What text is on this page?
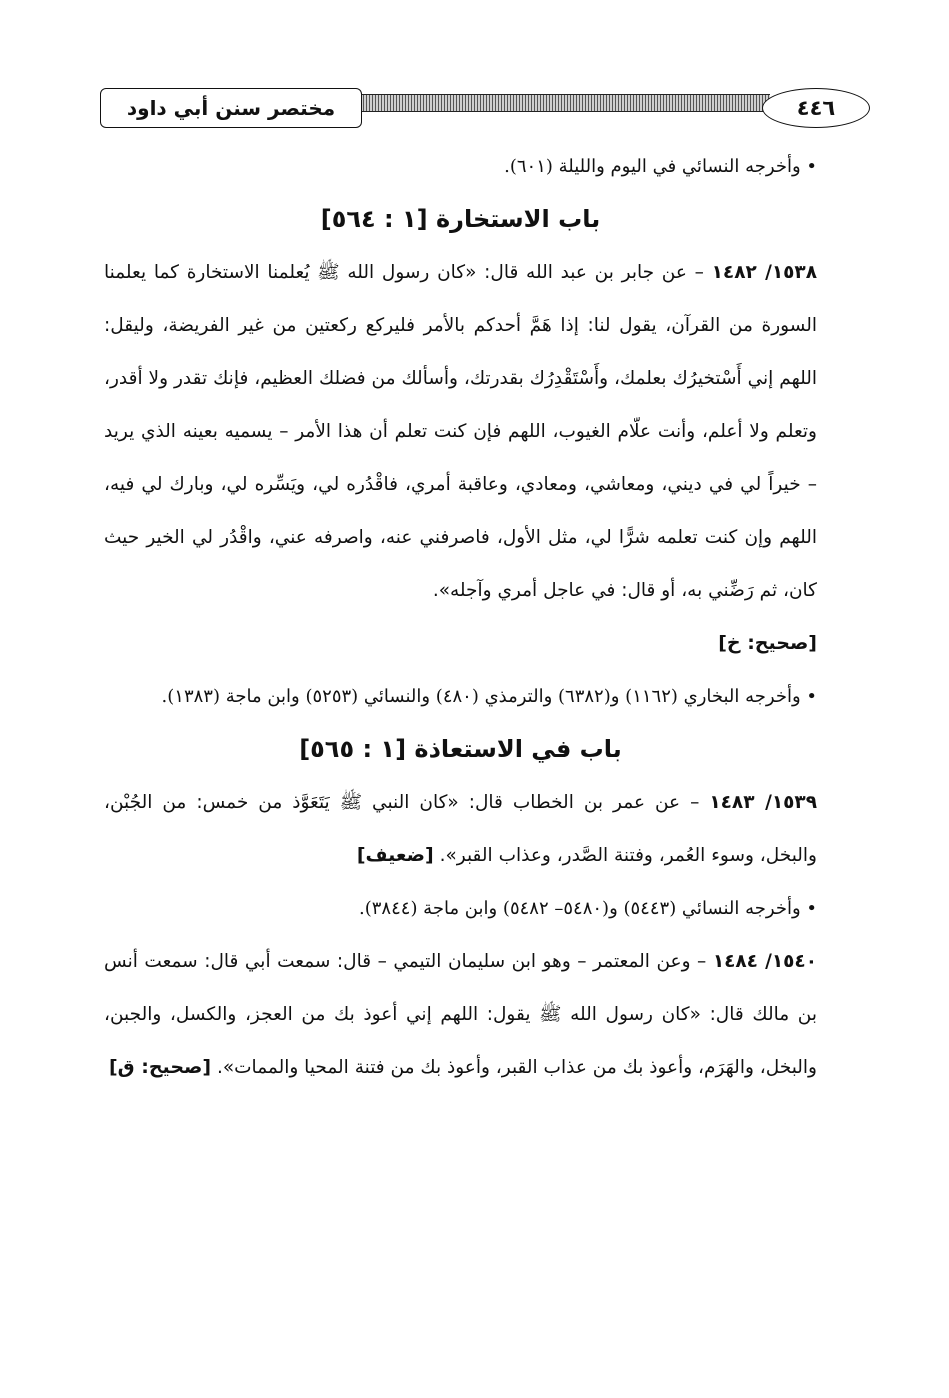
مختصر سنن أبي داود	٤٤٦

• وأخرجه النسائي في اليوم والليلة (٦٠١).

باب الاستخارة [١ : ٥٦٤]

١٥٣٨/ ١٤٨٢ – عن جابر بن عبد الله قال: «كان رسول الله ﷺ يُعلمنا الاستخارة كما يعلمنا السورة من القرآن، يقول لنا: إذا هَمَّ أحدكم بالأمر فليركع ركعتين من غير الفريضة، وليقل: اللهم إني أَسْتخيرُك بعلمك، وأَسْتَقْدِرُك بقدرتك، وأسألك من فضلك العظيم، فإنك تقدر ولا أقدر، وتعلم ولا أعلم، وأنت علّام الغيوب، اللهم فإن كنت تعلم أن هذا الأمر – يسميه بعينه الذي يريد – خيراً لي في ديني، ومعاشي، ومعادي، وعاقبة أمري، فاقْدُره لي، ويَسِّره لي، وبارك لي فيه، اللهم وإن كنت تعلمه شرًّا لي، مثل الأول، فاصرفني عنه، واصرفه عني، واقْدُر لي الخير حيث كان، ثم رَضِّني به، أو قال: في عاجل أمري وآجله».

[صحيح: خ]

• وأخرجه البخاري (١١٦٢) و(٦٣٨٢) والترمذي (٤٨٠) والنسائي (٥٢٥٣) وابن ماجة (١٣٨٣).

باب في الاستعاذة [١ : ٥٦٥]

١٥٣٩/ ١٤٨٣ – عن عمر بن الخطاب قال: «كان النبي ﷺ يَتَعَوَّذ من خمس: من الجُبْن، والبخل، وسوء العُمر، وفتنة الصَّدر، وعذاب القبر». [ضعيف]

• وأخرجه النسائي (٥٤٤٣) و(٥٤٨٠– ٥٤٨٢) وابن ماجة (٣٨٤٤).

١٥٤٠/ ١٤٨٤ – وعن المعتمر – وهو ابن سليمان التيمي – قال: سمعت أبي قال: سمعت أنس بن مالك قال: «كان رسول الله ﷺ يقول: اللهم إني أعوذ بك من العجز، والكسل، والجبن، والبخل، والهَرَم، وأعوذ بك من عذاب القبر، وأعوذ بك من فتنة المحيا والممات». [صحيح: ق]
